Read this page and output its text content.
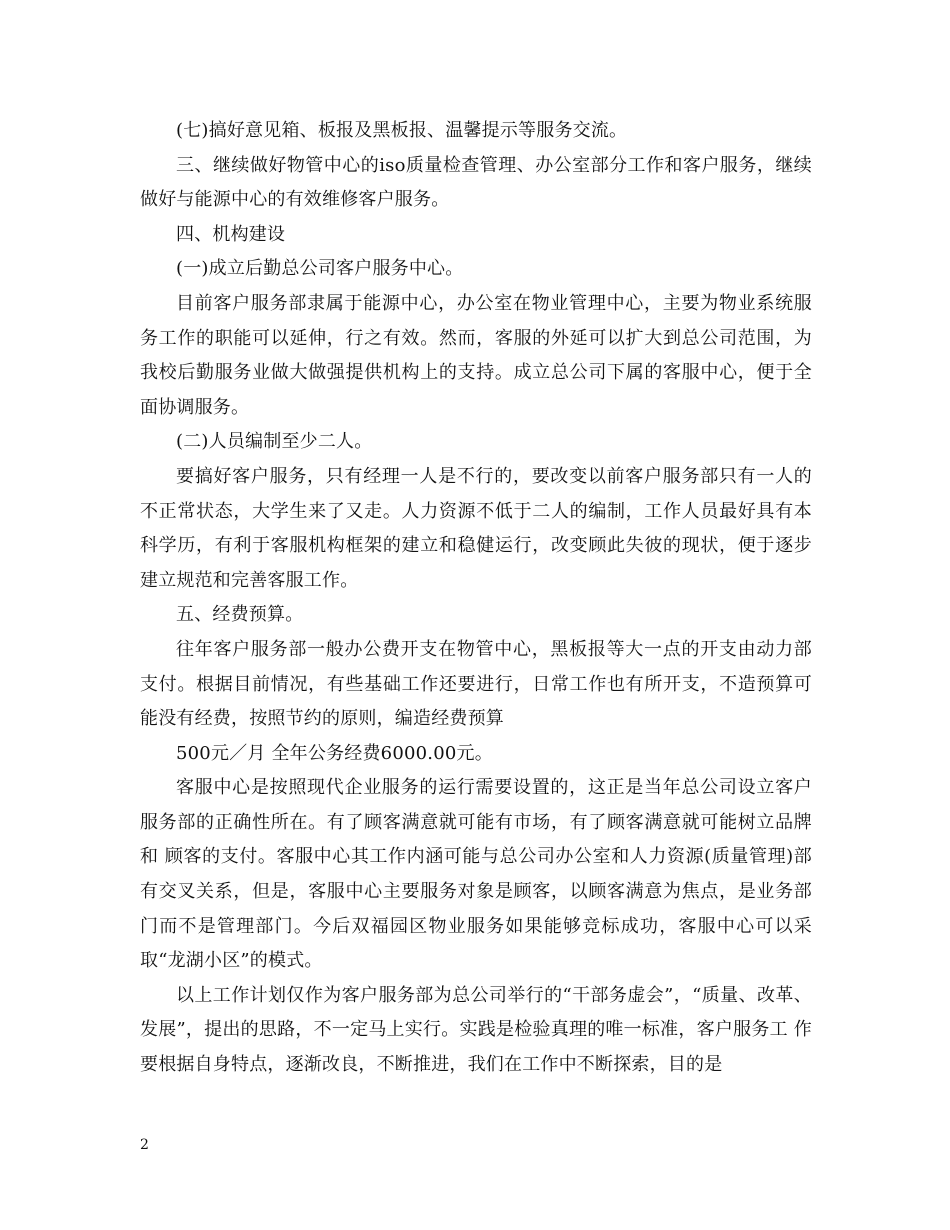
(七)搞好意见箱、板报及黑板报、温馨提示等服务交流。

三、继续做好物管中心的iso质量检查管理、办公室部分工作和客户服务，继续做好与能源中心的有效维修客户服务。

四、机构建设

(一)成立后勤总公司客户服务中心。

目前客户服务部隶属于能源中心，办公室在物业管理中心，主要为物业系统服务工作的职能可以延伸，行之有效。然而，客服的外延可以扩大到总公司范围，为我校后勤服务业做大做强提供机构上的支持。成立总公司下属的客服中心，便于全面协调服务。

(二)人员编制至少二人。

要搞好客户服务，只有经理一人是不行的，要改变以前客户服务部只有一人的不正常状态，大学生来了又走。人力资源不低于二人的编制，工作人员最好具有本科学历，有利于客服机构框架的建立和稳健运行，改变顾此失彼的现状，便于逐步建立规范和完善客服工作。

五、经费预算。

往年客户服务部一般办公费开支在物管中心，黑板报等大一点的开支由动力部支付。根据目前情况，有些基础工作还要进行，日常工作也有所开支，不造预算可能没有经费，按照节约的原则，编造经费预算

500元／月 全年公务经费6000.00元。

客服中心是按照现代企业服务的运行需要设置的，这正是当年总公司设立客户服务部的正确性所在。有了顾客满意就可能有市场，有了顾客满意就可能树立品牌和 顾客的支付。客服中心其工作内涵可能与总公司办公室和人力资源(质量管理)部有交叉关系，但是，客服中心主要服务对象是顾客，以顾客满意为焦点，是业务部 门而不是管理部门。今后双福园区物业服务如果能够竞标成功，客服中心可以采取“龙湖小区”的模式。

以上工作计划仅作为客户服务部为总公司举行的“干部务虚会”，“质量、改革、发展”，提出的思路，不一定马上实行。实践是检验真理的唯一标准，客户服务工 作要根据自身特点，逐渐改良，不断推进，我们在工作中不断探索，目的是

2
